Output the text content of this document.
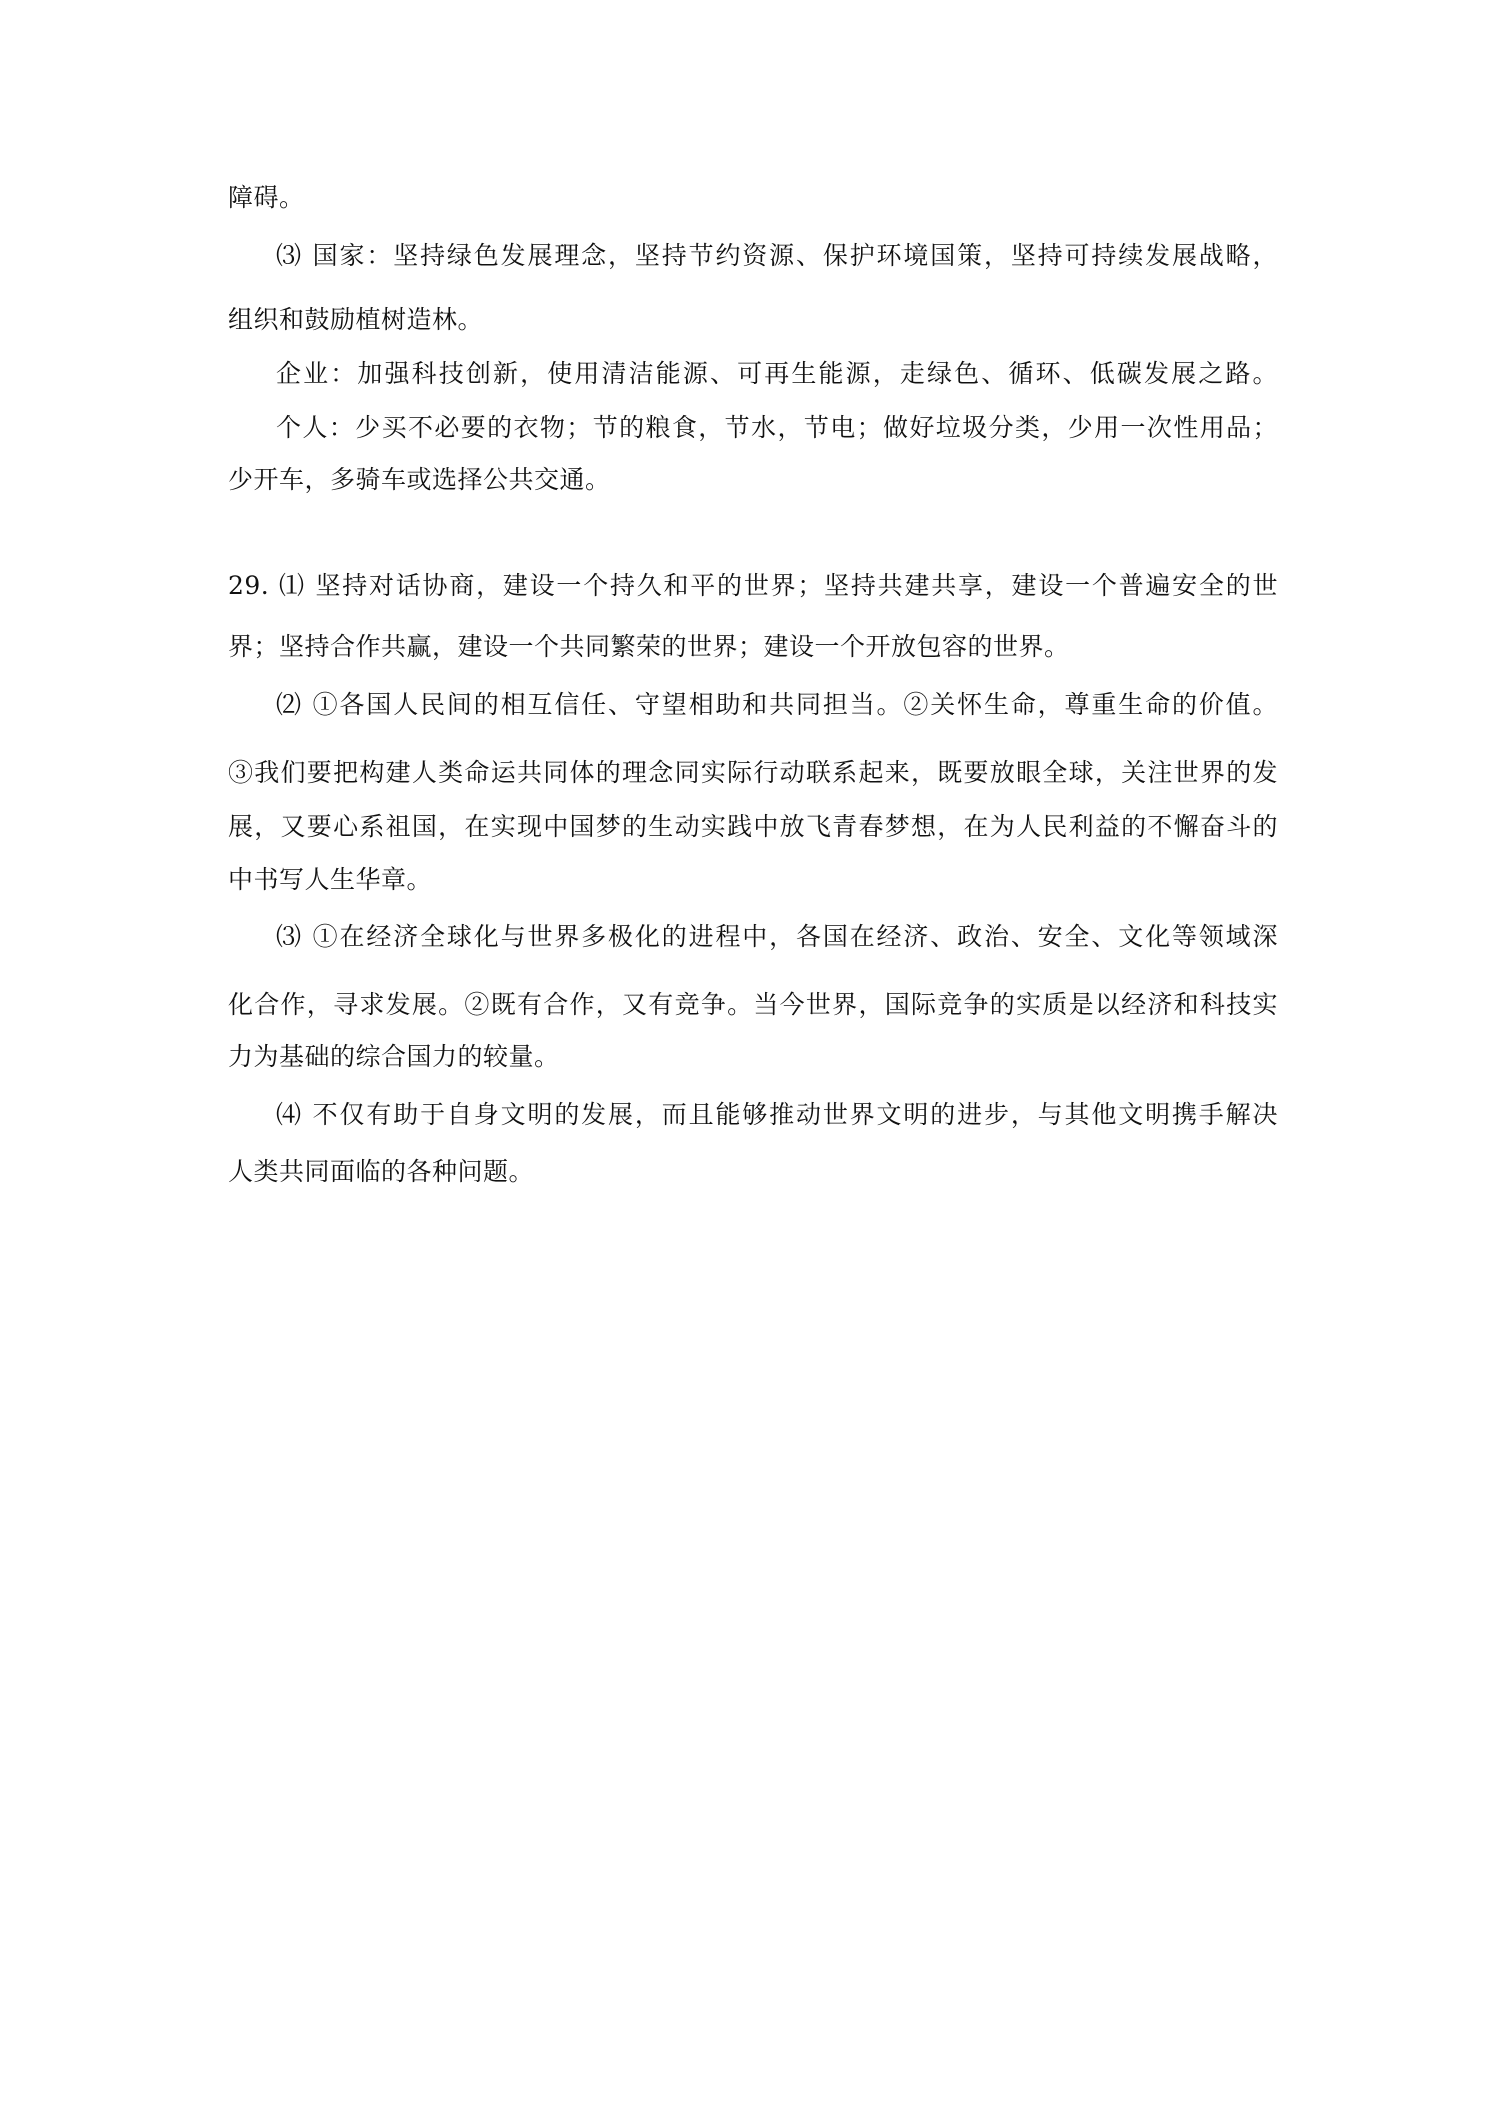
障碍。
⑶ 国家：坚持绿色发展理念，坚持节约资源、保护环境国策，坚持可持续发展战略，
组织和鼓励植树造林。
企业：加强科技创新，使用清洁能源、可再生能源，走绿色、循环、低碳发展之路。
个人：少买不必要的衣物；节的粮食，节水，节电；做好垃圾分类，少用一次性用品；
少开车，多骑车或选择公共交通。
29. ⑴ 坚持对话协商，建设一个持久和平的世界；坚持共建共享，建设一个普遍安全的世
界；坚持合作共赢，建设一个共同繁荣的世界；建设一个开放包容的世界。
⑵ ①各国人民间的相互信任、守望相助和共同担当。②关怀生命，尊重生命的价值。
③我们要把构建人类命运共同体的理念同实际行动联系起来，既要放眼全球，关注世界的发
展，又要心系祖国，在实现中国梦的生动实践中放飞青春梦想，在为人民利益的不懈奋斗的
中书写人生华章。
⑶ ①在经济全球化与世界多极化的进程中，各国在经济、政治、安全、文化等领域深
化合作，寻求发展。②既有合作，又有竞争。当今世界，国际竞争的实质是以经济和科技实
力为基础的综合国力的较量。
⑷ 不仅有助于自身文明的发展，而且能够推动世界文明的进步，与其他文明携手解决
人类共同面临的各种问题。
